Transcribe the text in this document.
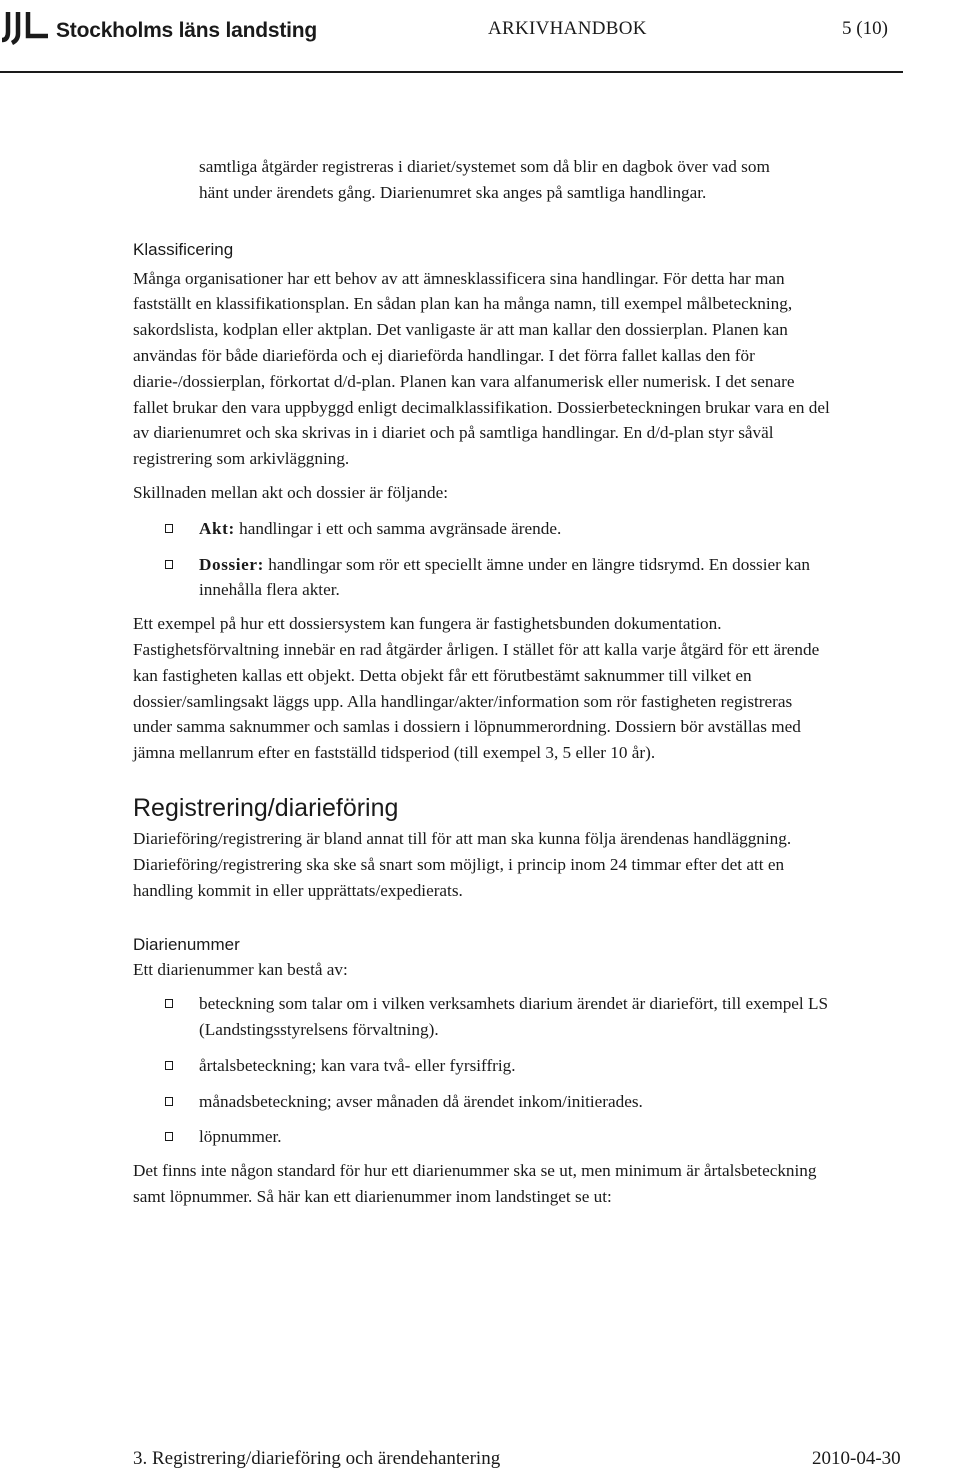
Stockholms läns landsting	ARKIVHANDBOK	5 (10)

samtliga åtgärder registreras i diariet/systemet som då blir en dagbok över vad som hänt under ärendets gång. Diarienumret ska anges på samtliga handlingar.

Klassificering

Många organisationer har ett behov av att ämnesklassificera sina handlingar. För detta har man fastställt en klassifikationsplan. En sådan plan kan ha många namn, till exempel målbeteckning, sakordslista, kodplan eller aktplan. Det vanligaste är att man kallar den dossierplan. Planen kan användas för både diarieförda och ej diarieförda handlingar. I det förra fallet kallas den för diarie-/dossierplan, förkortat d/d-plan. Planen kan vara alfanumerisk eller numerisk. I det senare fallet brukar den vara uppbyggd enligt decimalklassifikation. Dossierbeteckningen brukar vara en del av diarienumret och ska skrivas in i diariet och på samtliga handlingar. En d/d-plan styr såväl registrering som arkivläggning.

Skillnaden mellan akt och dossier är följande:

Akt: handlingar i ett och samma avgränsade ärende.
Dossier: handlingar som rör ett speciellt ämne under en längre tidsrymd. En dossier kan innehålla flera akter.

Ett exempel på hur ett dossiersystem kan fungera är fastighetsbunden dokumentation. Fastighetsförvaltning innebär en rad åtgärder årligen. I stället för att kalla varje åtgärd för ett ärende kan fastigheten kallas ett objekt. Detta objekt får ett förutbestämt saknummer till vilket en dossier/samlingsakt läggs upp. Alla handlingar/akter/information som rör fastigheten registreras under samma saknummer och samlas i dossiern i löpnummerordning. Dossiern bör avställas med jämna mellanrum efter en fastställd tidsperiod (till exempel 3, 5 eller 10 år).

Registrering/diarieföring

Diarieföring/registrering är bland annat till för att man ska kunna följa ärendenas handläggning. Diarieföring/registrering ska ske så snart som möjligt, i princip inom 24 timmar efter det att en handling kommit in eller upprättats/expedierats.

Diarienummer

Ett diarienummer kan bestå av:

beteckning som talar om i vilken verksamhets diarium ärendet är diariefört, till exempel LS (Landstingsstyrelsens förvaltning).
årtalsbeteckning; kan vara två- eller fyrsiffrig.
månadsbeteckning; avser månaden då ärendet inkom/initierades.
löpnummer.

Det finns inte någon standard för hur ett diarienummer ska se ut, men minimum är årtalsbeteckning samt löpnummer. Så här kan ett diarienummer inom landstinget se ut:

3. Registrering/diarieföring och ärendehantering	2010-04-30
